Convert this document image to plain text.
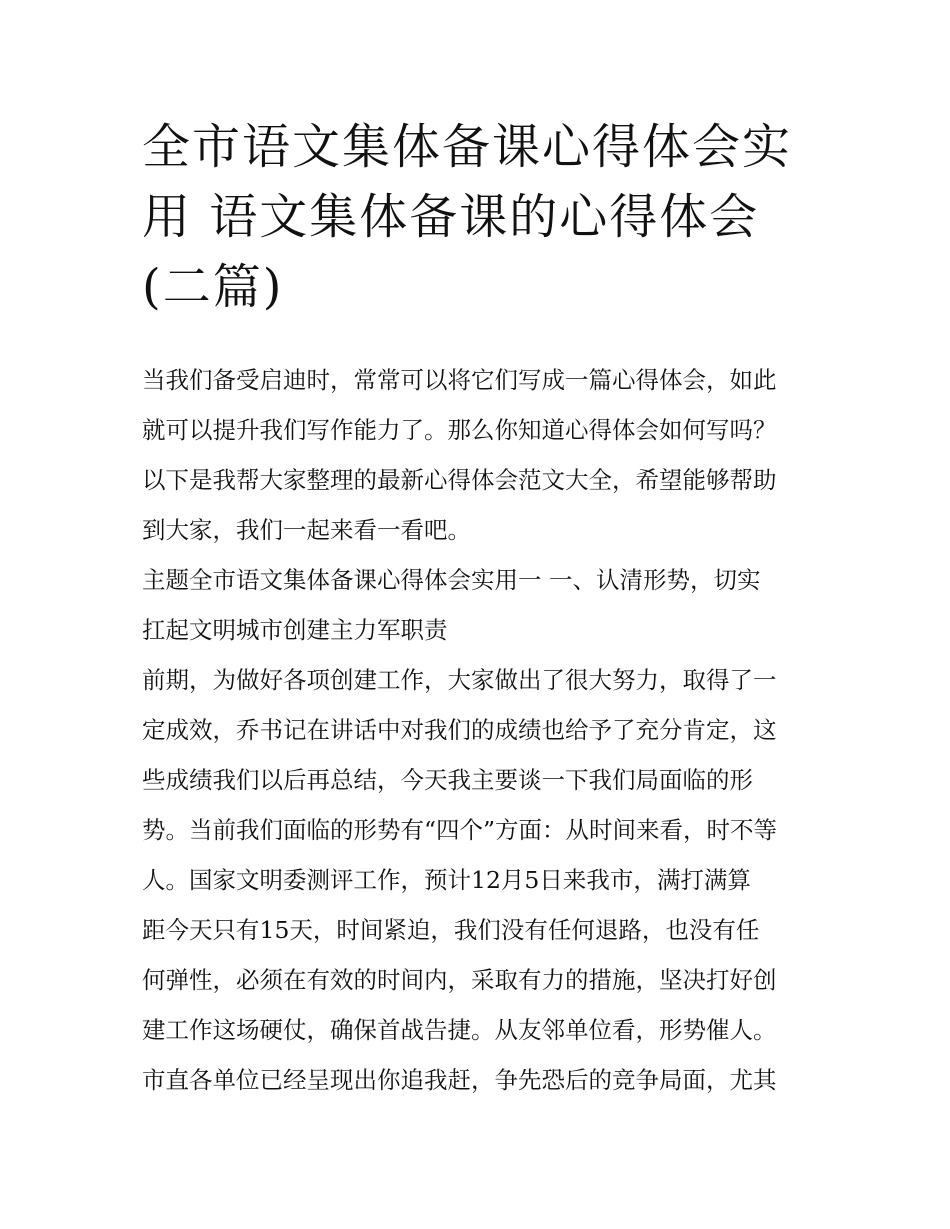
全市语文集体备课心得体会实
用 语文集体备课的心得体会
(二篇)
当我们备受启迪时，常常可以将它们写成一篇心得体会，如此
就可以提升我们写作能力了。那么你知道心得体会如何写吗？
以下是我帮大家整理的最新心得体会范文大全，希望能够帮助
到大家，我们一起来看一看吧。
主题全市语文集体备课心得体会实用一 一、认清形势，切实
扛起文明城市创建主力军职责
前期，为做好各项创建工作，大家做出了很大努力，取得了一
定成效，乔书记在讲话中对我们的成绩也给予了充分肯定，这
些成绩我们以后再总结，今天我主要谈一下我们局面临的形
势。当前我们面临的形势有“四个”方面：从时间来看，时不等
人。国家文明委测评工作，预计12月5日来我市，满打满算
距今天只有15天，时间紧迫，我们没有任何退路，也没有任
何弹性，必须在有效的时间内，采取有力的措施，坚决打好创
建工作这场硬仗，确保首战告捷。从友邻单位看，形势催人。
市直各单位已经呈现出你追我赶，争先恐后的竞争局面，尤其
